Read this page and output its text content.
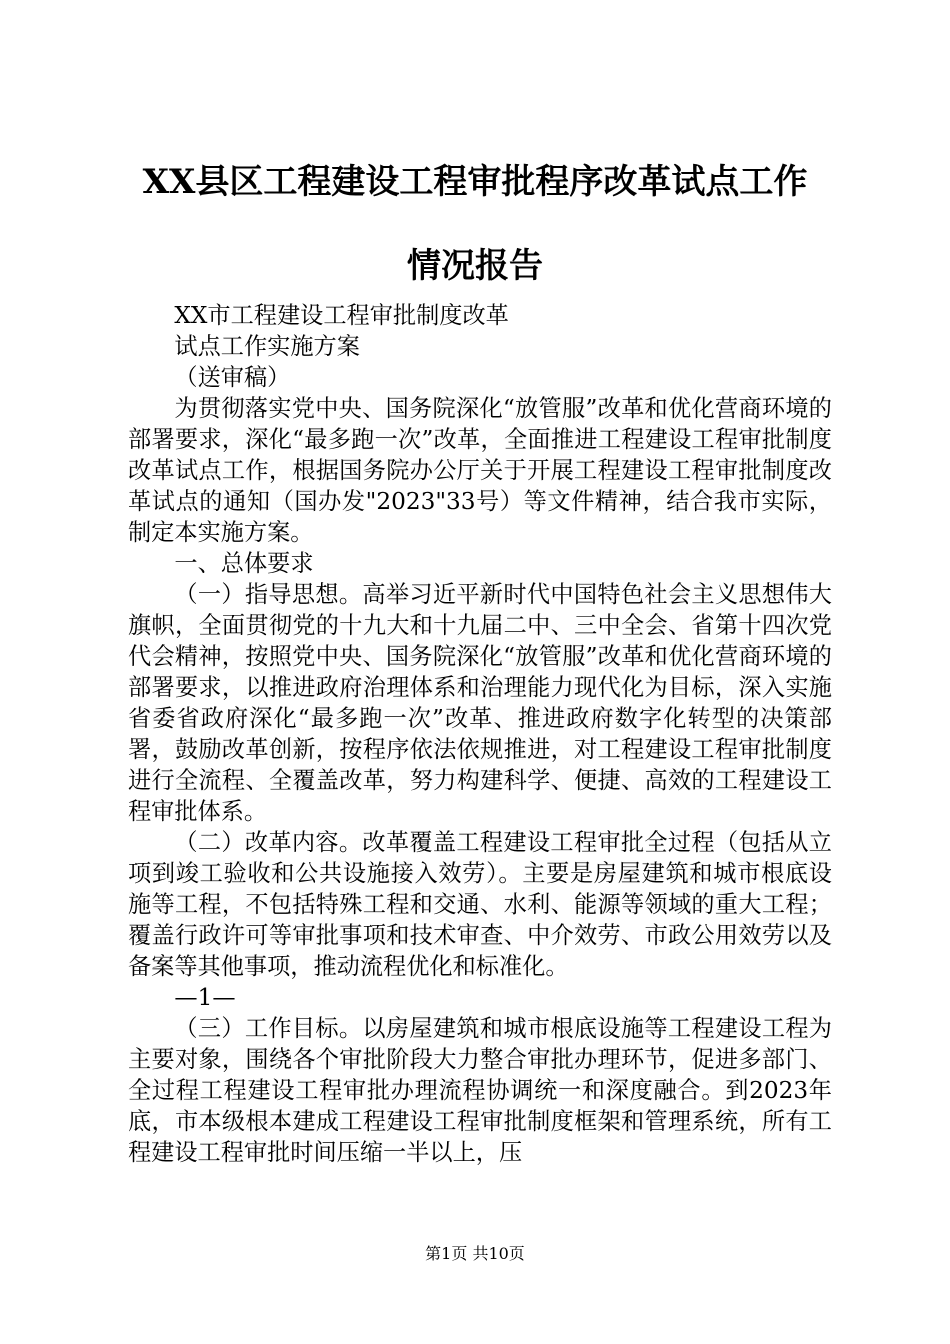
XX县区工程建设工程审批程序改革试点工作
情况报告

XX市工程建设工程审批制度改革

试点工作实施方案

（送审稿）

为贯彻落实党中央、国务院深化“放管服”改革和优化营商环境的部署要求，深化“最多跑一次”改革，全面推进工程建设工程审批制度改革试点工作，根据国务院办公厅关于开展工程建设工程审批制度改革试点的通知（国办发"2023"33号）等文件精神，结合我市实际，制定本实施方案。

一、总体要求

（一）指导思想。高举习近平新时代中国特色社会主义思想伟大旗帜，全面贯彻党的十九大和十九届二中、三中全会、省第十四次党代会精神，按照党中央、国务院深化“放管服”改革和优化营商环境的部署要求，以推进政府治理体系和治理能力现代化为目标，深入实施省委省政府深化“最多跑一次”改革、推进政府数字化转型的决策部署，鼓励改革创新，按程序依法依规推进，对工程建设工程审批制度进行全流程、全覆盖改革，努力构建科学、便捷、高效的工程建设工程审批体系。

（二）改革内容。改革覆盖工程建设工程审批全过程（包括从立项到竣工验收和公共设施接入效劳）。主要是房屋建筑和城市根底设施等工程，不包括特殊工程和交通、水利、能源等领域的重大工程；覆盖行政许可等审批事项和技术审查、中介效劳、市政公用效劳以及备案等其他事项，推动流程优化和标准化。

—1—

（三）工作目标。以房屋建筑和城市根底设施等工程建设工程为主要对象，围绕各个审批阶段大力整合审批办理环节，促进多部门、全过程工程建设工程审批办理流程协调统一和深度融合。到2023年底，市本级根本建成工程建设工程审批制度框架和管理系统，所有工程建设工程审批时间压缩一半以上，压

第1页 共10页
